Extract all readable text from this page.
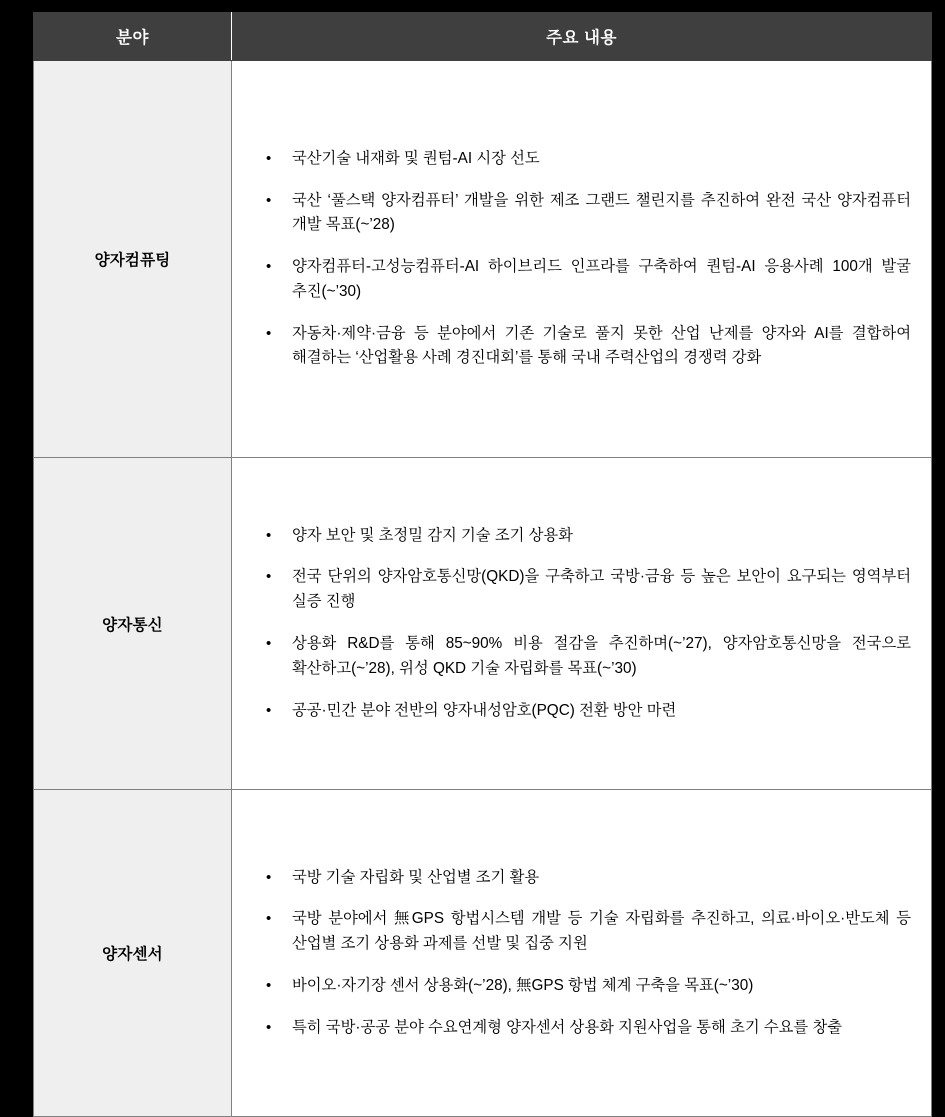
분야	주요 내용
양자컴퓨팅	
• 국산기술 내재화 및 퀀텀-AI 시장 선도
• 국산 ‘풀스택 양자컴퓨터’ 개발을 위한 제조 그랜드 챌린지를 추진하여 완전 국산 양자컴퓨터 개발 목표(~’28)
• 양자컴퓨터-고성능컴퓨터-AI 하이브리드 인프라를 구축하여 퀀텀-AI 응용사례 100개 발굴 추진(~’30)
• 자동차·제약·금융 등 분야에서 기존 기술로 풀지 못한 산업 난제를 양자와 AI를 결합하여 해결하는 ‘산업활용 사례 경진대회’를 통해 국내 주력산업의 경쟁력 강화

양자통신	
• 양자 보안 및 초정밀 감지 기술 조기 상용화
• 전국 단위의 양자암호통신망(QKD)을 구축하고 국방·금융 등 높은 보안이 요구되는 영역부터 실증 진행
• 상용화 R&D를 통해 85~90% 비용 절감을 추진하며(~’27), 양자암호통신망을 전국으로 확산하고(~’28), 위성 QKD 기술 자립화를 목표(~’30)
• 공공·민간 분야 전반의 양자내성암호(PQC) 전환 방안 마련

양자센서	
• 국방 기술 자립화 및 산업별 조기 활용
• 국방 분야에서 無GPS 항법시스템 개발 등 기술 자립화를 추진하고, 의료·바이오·반도체 등 산업별 조기 상용화 과제를 선발 및 집중 지원
• 바이오·자기장 센서 상용화(~’28), 無GPS 항법 체계 구축을 목표(~’30)
• 특히 국방·공공 분야 수요연계형 양자센서 상용화 지원사업을 통해 초기 수요를 창출
